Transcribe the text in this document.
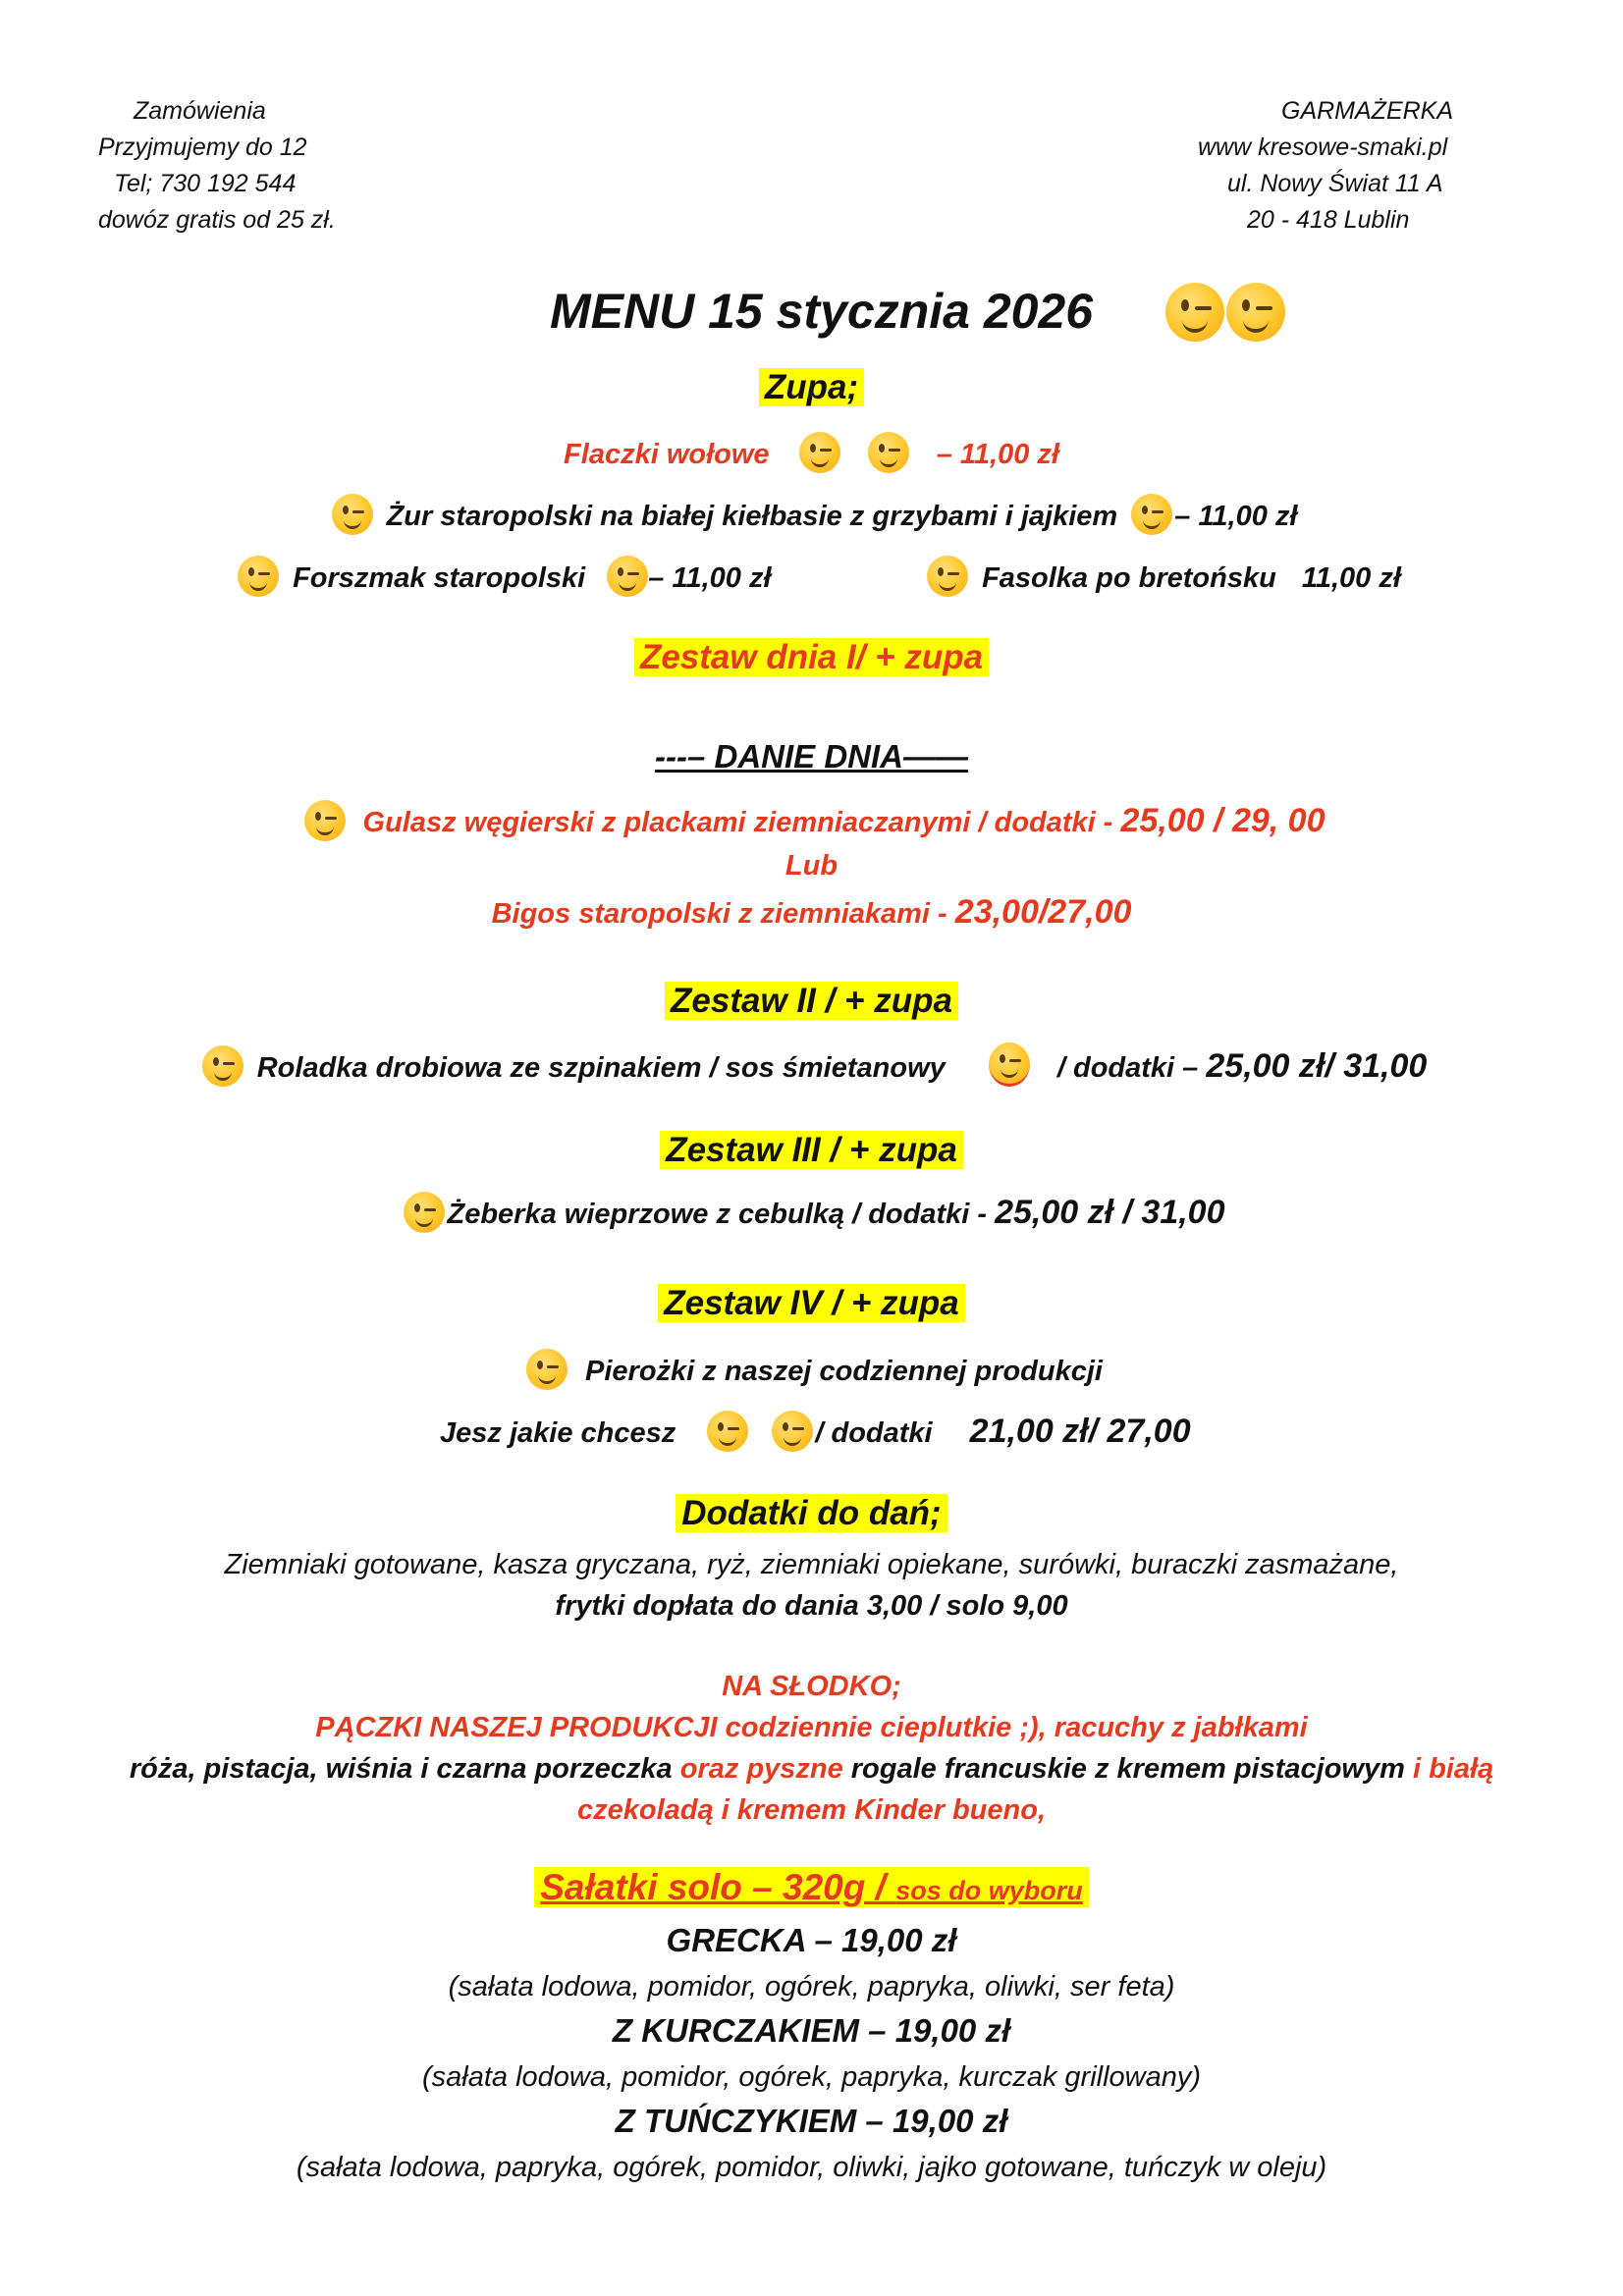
Zamówienia
Przyjmujemy do 12
Tel; 730 192 544
dowóz gratis od 25 zł.
GARMAŻERKA
www kresowe-smaki.pl
ul. Nowy Świat 11 A
20 - 418 Lublin
MENU 15 stycznia 2026
Zupa;
Flaczki wołowe
	– 11,00 zł
Żur staropolski na białej kiełbasie z grzybami i jajkiem – 11,00 zł
Forszmak staropolski – 11,00 zł	Fasolka po bretońsku 11,00 zł
Zestaw dnia I/ + zupa
---– DANIE DNIA——
Gulasz węgierski z plackami ziemniaczanymi / dodatki - 25,00 / 29, 00
Lub
Bigos staropolski z ziemniakami - 23,00/27,00
Zestaw II / + zupa
Roladka drobiowa ze szpinakiem / sos śmietanowy	/ dodatki – 25,00 zł/ 31,00
Zestaw III / + zupa
Żeberka wieprzowe z cebulką / dodatki - 25,00 zł / 31,00
Zestaw IV / + zupa
Pierożki z naszej codziennej produkcji
Jesz jakie chcesz
	/ dodatki 21,00 zł/ 27,00
Dodatki do dań;
Ziemniaki gotowane, kasza gryczana, ryż, ziemniaki opiekane, surówki, buraczki zasmażane,
frytki dopłata do dania 3,00 / solo 9,00
NA SŁODKO;
PĄCZKI NASZEJ PRODUKCJI codziennie cieplutkie ;), racuchy z jabłkami
róża, pistacja, wiśnia i czarna porzeczka oraz pyszne rogale francuskie z kremem pistacjowym i białą
czekoladą i kremem Kinder bueno,
Sałatki solo – 320g / sos do wyboru
GRECKA – 19,00 zł
(sałata lodowa, pomidor, ogórek, papryka, oliwki, ser feta)
Z KURCZAKIEM – 19,00 zł
(sałata lodowa, pomidor, ogórek, papryka, kurczak grillowany)
Z TUŃCZYKIEM – 19,00 zł
(sałata lodowa, papryka, ogórek, pomidor, oliwki, jajko gotowane, tuńczyk w oleju)
